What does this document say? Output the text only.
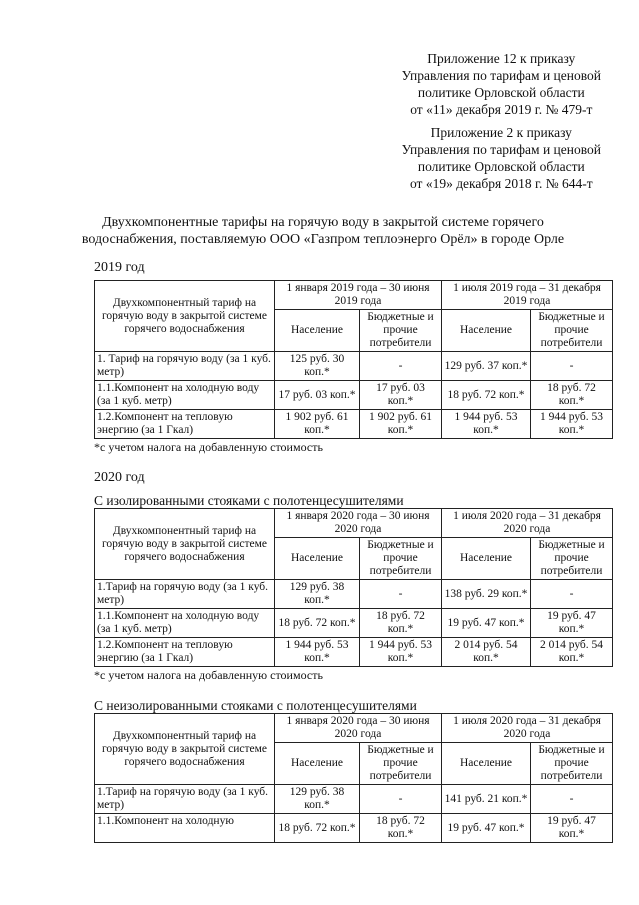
Приложение 12 к приказу
Управления по тарифам и ценовой
политике Орловской области
от «11» декабря 2019 г. № 479-т
Приложение 2 к приказу
Управления по тарифам и ценовой
политике Орловской области
от «19» декабря 2018 г. № 644-т
Двухкомпонентные тарифы на горячую воду в закрытой системе горячего
водоснабжения, поставляемую ООО «Газпром теплоэнерго Орёл» в городе Орле
2019 год
Двухкомпонентный тариф на горячую воду в закрытой системе горячего водоснабжения	1 января 2019 года – 30 июня 2019 года		1 июля 2019 года – 31 декабря 2019 года	
	Население	Бюджетные и прочие потребители	Население	Бюджетные и прочие потребители
1. Тариф на горячую воду (за 1 куб. метр)	125 руб. 30 коп.*	-	129 руб. 37 коп.*	-
1.1.Компонент на холодную воду (за 1 куб. метр)	17 руб. 03 коп.*	17 руб. 03 коп.*	18 руб. 72 коп.*	18 руб. 72 коп.*
1.2.Компонент на тепловую энергию (за 1 Гкал)	1 902 руб. 61 коп.*	1 902 руб. 61 коп.*	1 944 руб. 53 коп.*	1 944 руб. 53 коп.*
*с учетом налога на добавленную стоимость
2020 год
С изолированными стояками с полотенцесушителями
Двухкомпонентный тариф на горячую воду в закрытой системе горячего водоснабжения	1 января 2020 года – 30 июня 2020 года		1 июля 2020 года – 31 декабря 2020 года	
	Население	Бюджетные и прочие потребители	Население	Бюджетные и прочие потребители
1.Тариф на горячую воду (за 1 куб. метр)	129 руб. 38 коп.*	-	138 руб. 29 коп.*	-
1.1.Компонент на холодную воду (за 1 куб. метр)	18 руб. 72 коп.*	18 руб. 72 коп.*	19 руб. 47 коп.*	19 руб. 47 коп.*
1.2.Компонент на тепловую энергию (за 1 Гкал)	1 944 руб. 53 коп.*	1 944 руб. 53 коп.*	2 014 руб. 54 коп.*	2 014 руб. 54 коп.*
*с учетом налога на добавленную стоимость
С неизолированными стояками с полотенцесушителями
Двухкомпонентный тариф на горячую воду в закрытой системе горячего водоснабжения	1 января 2020 года – 30 июня 2020 года		1 июля 2020 года – 31 декабря 2020 года	
	Население	Бюджетные и прочие потребители	Население	Бюджетные и прочие потребители
1.Тариф на горячую воду (за 1 куб. метр)	129 руб. 38 коп.*	-	141 руб. 21 коп.*	-
1.1.Компонент на холодную	18 руб. 72 коп.*	18 руб. 72 коп.*	19 руб. 47 коп.*	19 руб. 47 коп.*
